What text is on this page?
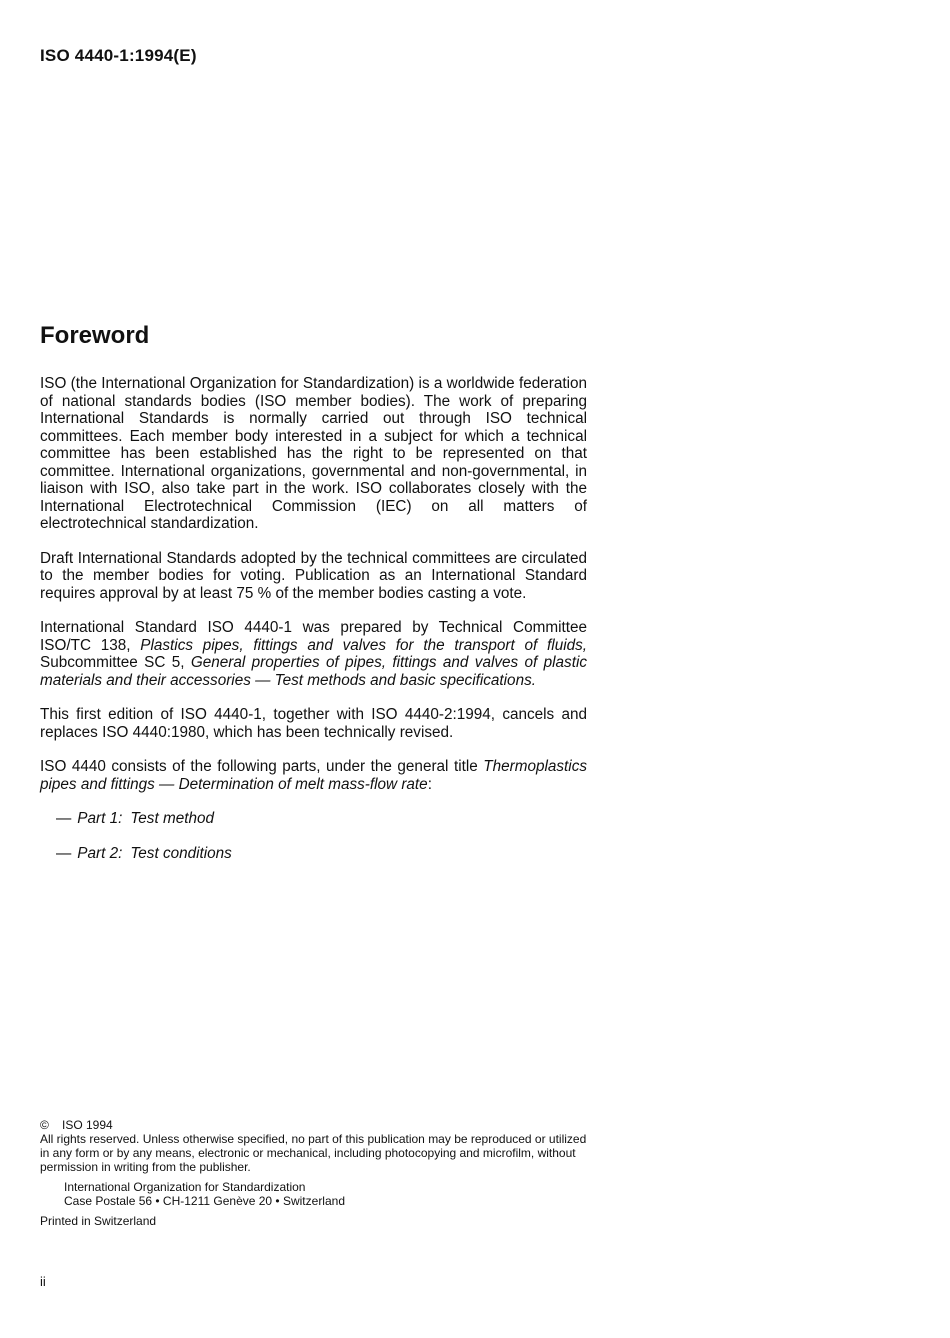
ISO 4440-1:1994(E)
Foreword

ISO (the International Organization for Standardization) is a worldwide federation of national standards bodies (ISO member bodies). The work of preparing International Standards is normally carried out through ISO technical committees. Each member body interested in a subject for which a technical committee has been established has the right to be represented on that committee. International organizations, governmental and non-governmental, in liaison with ISO, also take part in the work. ISO collaborates closely with the International Electrotechnical Commission (IEC) on all matters of electrotechnical standardization.

Draft International Standards adopted by the technical committees are circulated to the member bodies for voting. Publication as an International Standard requires approval by at least 75 % of the member bodies casting a vote.

International Standard ISO 4440-1 was prepared by Technical Committee ISO/TC 138, Plastics pipes, fittings and valves for the transport of fluids, Subcommittee SC 5, General properties of pipes, fittings and valves of plastic materials and their accessories — Test methods and basic specifications.

This first edition of ISO 4440-1, together with ISO 4440-2:1994, cancels and replaces ISO 4440:1980, which has been technically revised.

ISO 4440 consists of the following parts, under the general title Thermoplastics pipes and fittings — Determination of melt mass-flow rate:

— Part 1: Test method
— Part 2: Test conditions

© ISO 1994

All rights reserved. Unless otherwise specified, no part of this publication may be reproduced or utilized in any form or by any means, electronic or mechanical, including photocopying and microfilm, without permission in writing from the publisher.

International Organization for Standardization

Case Postale 56 • CH-1211 Genève 20 • Switzerland

Printed in Switzerland

ii
